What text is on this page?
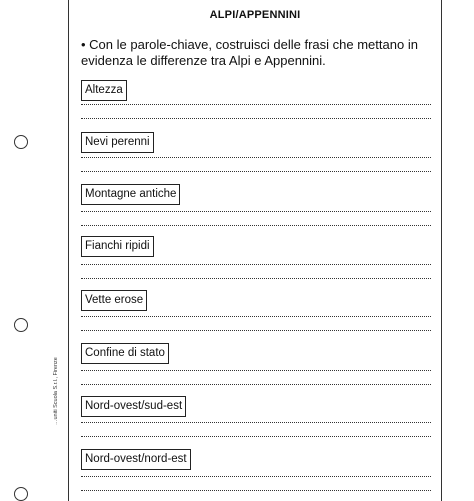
…uniti Scuola S.r.l., Firenze
ALPI/APPENNINI
• Con le parole-chiave, costruisci delle frasi che mettano in evidenza le differenze tra Alpi e Appennini.
Altezza
Nevi perenni
Montagne antiche
Fianchi ripidi
Vette erose
Confine di stato
Nord-ovest/sud-est
Nord-ovest/nord-est
